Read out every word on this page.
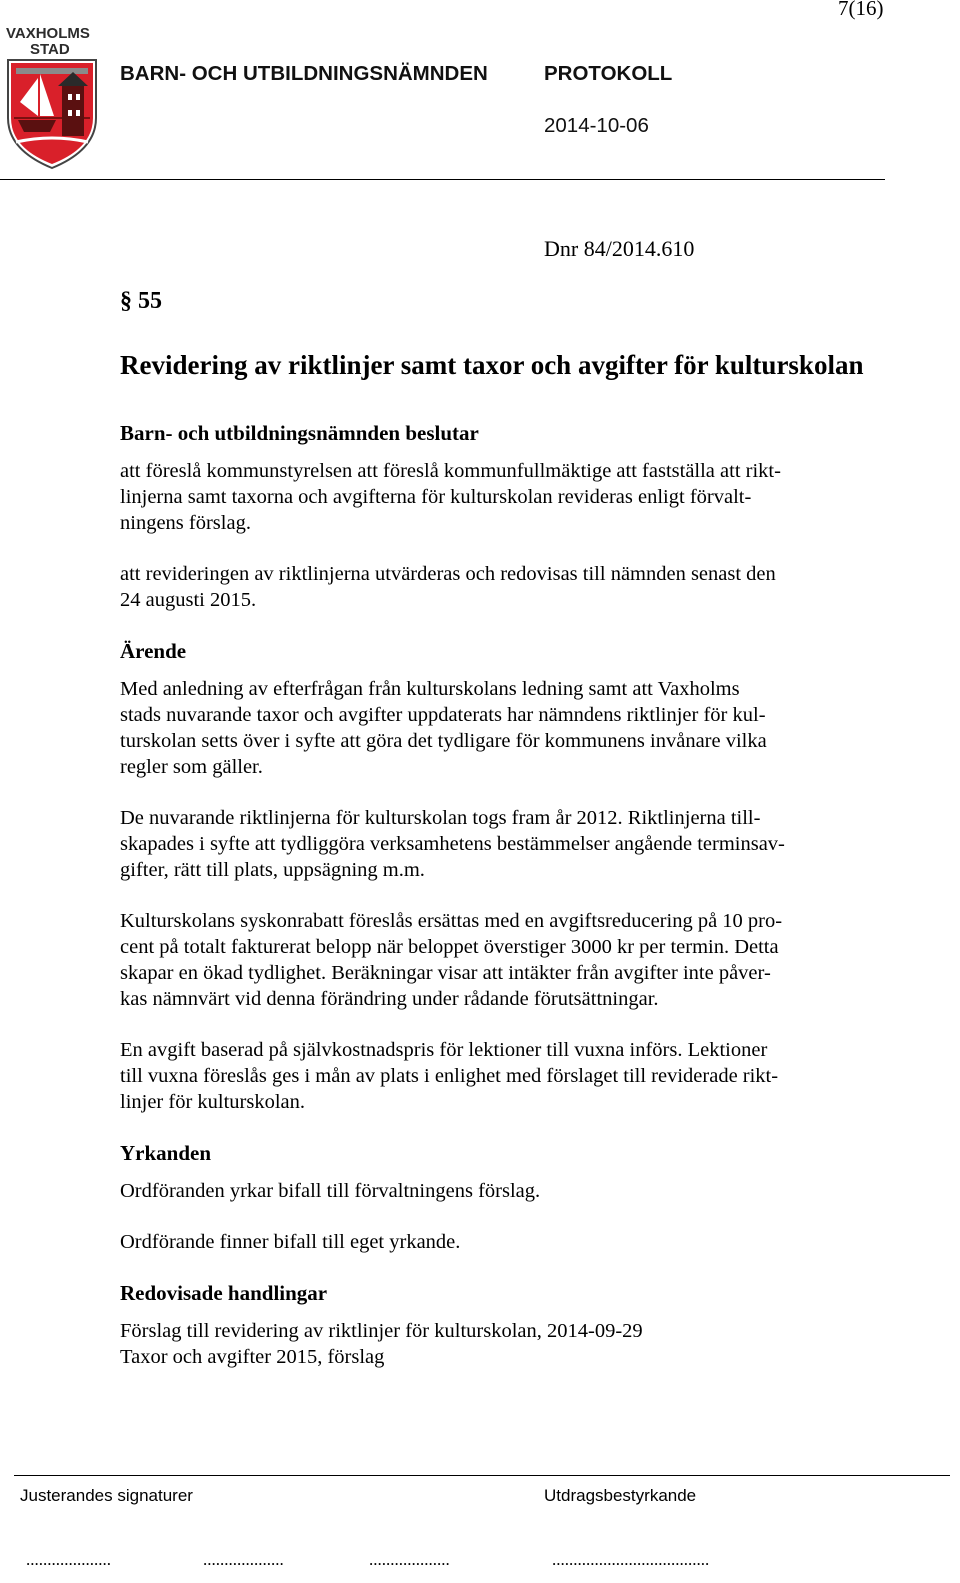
7(16)
VAXHOLMS
STAD
BARN- OCH UTBILDNINGSNÄMNDEN	PROTOKOLL
2014-10-06
Dnr 84/2014.610
§ 55
Revidering av riktlinjer samt taxor och avgifter för kulturskolan
Barn- och utbildningsnämnden beslutar

att föreslå kommunstyrelsen att föreslå kommunfullmäktige att fastställa att rikt-
linjerna samt taxorna och avgifterna för kulturskolan revideras enligt förvalt-
ningens förslag.

att revideringen av riktlinjerna utvärderas och redovisas till nämnden senast den
24 augusti 2015.

Ärende

Med anledning av efterfrågan från kulturskolans ledning samt att Vaxholms
stads nuvarande taxor och avgifter uppdaterats har nämndens riktlinjer för kul-
turskolan setts över i syfte att göra det tydligare för kommunens invånare vilka
regler som gäller.

De nuvarande riktlinjerna för kulturskolan togs fram år 2012. Riktlinjerna till-
skapades i syfte att tydliggöra verksamhetens bestämmelser angående terminsav-
gifter, rätt till plats, uppsägning m.m.

Kulturskolans syskonrabatt föreslås ersättas med en avgiftsreducering på 10 pro-
cent på totalt fakturerat belopp när beloppet överstiger 3000 kr per termin. Detta
skapar en ökad tydlighet. Beräkningar visar att intäkter från avgifter inte påver-
kas nämnvärt vid denna förändring under rådande förutsättningar.

En avgift baserad på självkostnadspris för lektioner till vuxna införs. Lektioner
till vuxna föreslås ges i mån av plats i enlighet med förslaget till reviderade rikt-
linjer för kulturskolan.

Yrkanden

Ordföranden yrkar bifall till förvaltningens förslag.

Ordförande finner bifall till eget yrkande.

Redovisade handlingar

Förslag till revidering av riktlinjer för kulturskolan, 2014-09-29
Taxor och avgifter 2015, förslag

Justerandes signaturer	Utdragsbestyrkande
....................	...................	...................	.....................................
